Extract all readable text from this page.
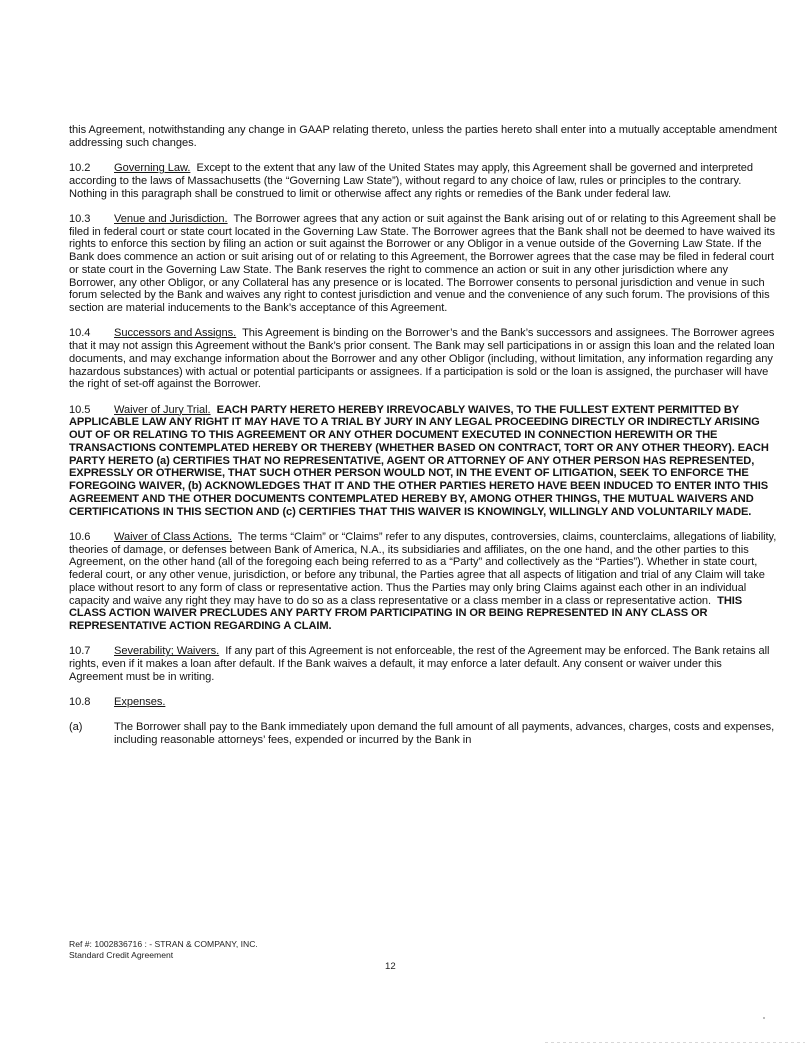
this Agreement, notwithstanding any change in GAAP relating thereto, unless the parties hereto shall enter into a mutually acceptable amendment addressing such changes.

10.2 Governing Law. Except to the extent that any law of the United States may apply, this Agreement shall be governed and interpreted according to the laws of Massachusetts (the “Governing Law State”), without regard to any choice of law, rules or principles to the contrary. Nothing in this paragraph shall be construed to limit or otherwise affect any rights or remedies of the Bank under federal law.

10.3 Venue and Jurisdiction. The Borrower agrees that any action or suit against the Bank arising out of or relating to this Agreement shall be filed in federal court or state court located in the Governing Law State. The Borrower agrees that the Bank shall not be deemed to have waived its rights to enforce this section by filing an action or suit against the Borrower or any Obligor in a venue outside of the Governing Law State. If the Bank does commence an action or suit arising out of or relating to this Agreement, the Borrower agrees that the case may be filed in federal court or state court in the Governing Law State. The Bank reserves the right to commence an action or suit in any other jurisdiction where any Borrower, any other Obligor, or any Collateral has any presence or is located. The Borrower consents to personal jurisdiction and venue in such forum selected by the Bank and waives any right to contest jurisdiction and venue and the convenience of any such forum. The provisions of this section are material inducements to the Bank’s acceptance of this Agreement.

10.4 Successors and Assigns. This Agreement is binding on the Borrower’s and the Bank’s successors and assignees. The Borrower agrees that it may not assign this Agreement without the Bank’s prior consent. The Bank may sell participations in or assign this loan and the related loan documents, and may exchange information about the Borrower and any other Obligor (including, without limitation, any information regarding any hazardous substances) with actual or potential participants or assignees. If a participation is sold or the loan is assigned, the purchaser will have the right of set-off against the Borrower.

10.5 Waiver of Jury Trial. EACH PARTY HERETO HEREBY IRREVOCABLY WAIVES, TO THE FULLEST EXTENT PERMITTED BY APPLICABLE LAW ANY RIGHT IT MAY HAVE TO A TRIAL BY JURY IN ANY LEGAL PROCEEDING DIRECTLY OR INDIRECTLY ARISING OUT OF OR RELATING TO THIS AGREEMENT OR ANY OTHER DOCUMENT EXECUTED IN CONNECTION HEREWITH OR THE TRANSACTIONS CONTEMPLATED HEREBY OR THEREBY (WHETHER BASED ON CONTRACT, TORT OR ANY OTHER THEORY). EACH PARTY HERETO (a) CERTIFIES THAT NO REPRESENTATIVE, AGENT OR ATTORNEY OF ANY OTHER PERSON HAS REPRESENTED, EXPRESSLY OR OTHERWISE, THAT SUCH OTHER PERSON WOULD NOT, IN THE EVENT OF LITIGATION, SEEK TO ENFORCE THE FOREGOING WAIVER, (b) ACKNOWLEDGES THAT IT AND THE OTHER PARTIES HERETO HAVE BEEN INDUCED TO ENTER INTO THIS AGREEMENT AND THE OTHER DOCUMENTS CONTEMPLATED HEREBY BY, AMONG OTHER THINGS, THE MUTUAL WAIVERS AND CERTIFICATIONS IN THIS SECTION AND (c) CERTIFIES THAT THIS WAIVER IS KNOWINGLY, WILLINGLY AND VOLUNTARILY MADE.

10.6 Waiver of Class Actions. The terms “Claim” or “Claims” refer to any disputes, controversies, claims, counterclaims, allegations of liability, theories of damage, or defenses between Bank of America, N.A., its subsidiaries and affiliates, on the one hand, and the other parties to this Agreement, on the other hand (all of the foregoing each being referred to as a “Party” and collectively as the “Parties”). Whether in state court, federal court, or any other venue, jurisdiction, or before any tribunal, the Parties agree that all aspects of litigation and trial of any Claim will take place without resort to any form of class or representative action. Thus the Parties may only bring Claims against each other in an individual capacity and waive any right they may have to do so as a class representative or a class member in a class or representative action. THIS CLASS ACTION WAIVER PRECLUDES ANY PARTY FROM PARTICIPATING IN OR BEING REPRESENTED IN ANY CLASS OR REPRESENTATIVE ACTION REGARDING A CLAIM.

10.7 Severability; Waivers. If any part of this Agreement is not enforceable, the rest of the Agreement may be enforced. The Bank retains all rights, even if it makes a loan after default. If the Bank waives a default, it may enforce a later default. Any consent or waiver under this Agreement must be in writing.

10.8 Expenses.

(a)	The Borrower shall pay to the Bank immediately upon demand the full amount of all payments, advances, charges, costs and expenses, including reasonable attorneys’ fees, expended or incurred by the Bank in
Ref #: 1002836716 : - STRAN & COMPANY, INC.
Standard Credit Agreement
12
